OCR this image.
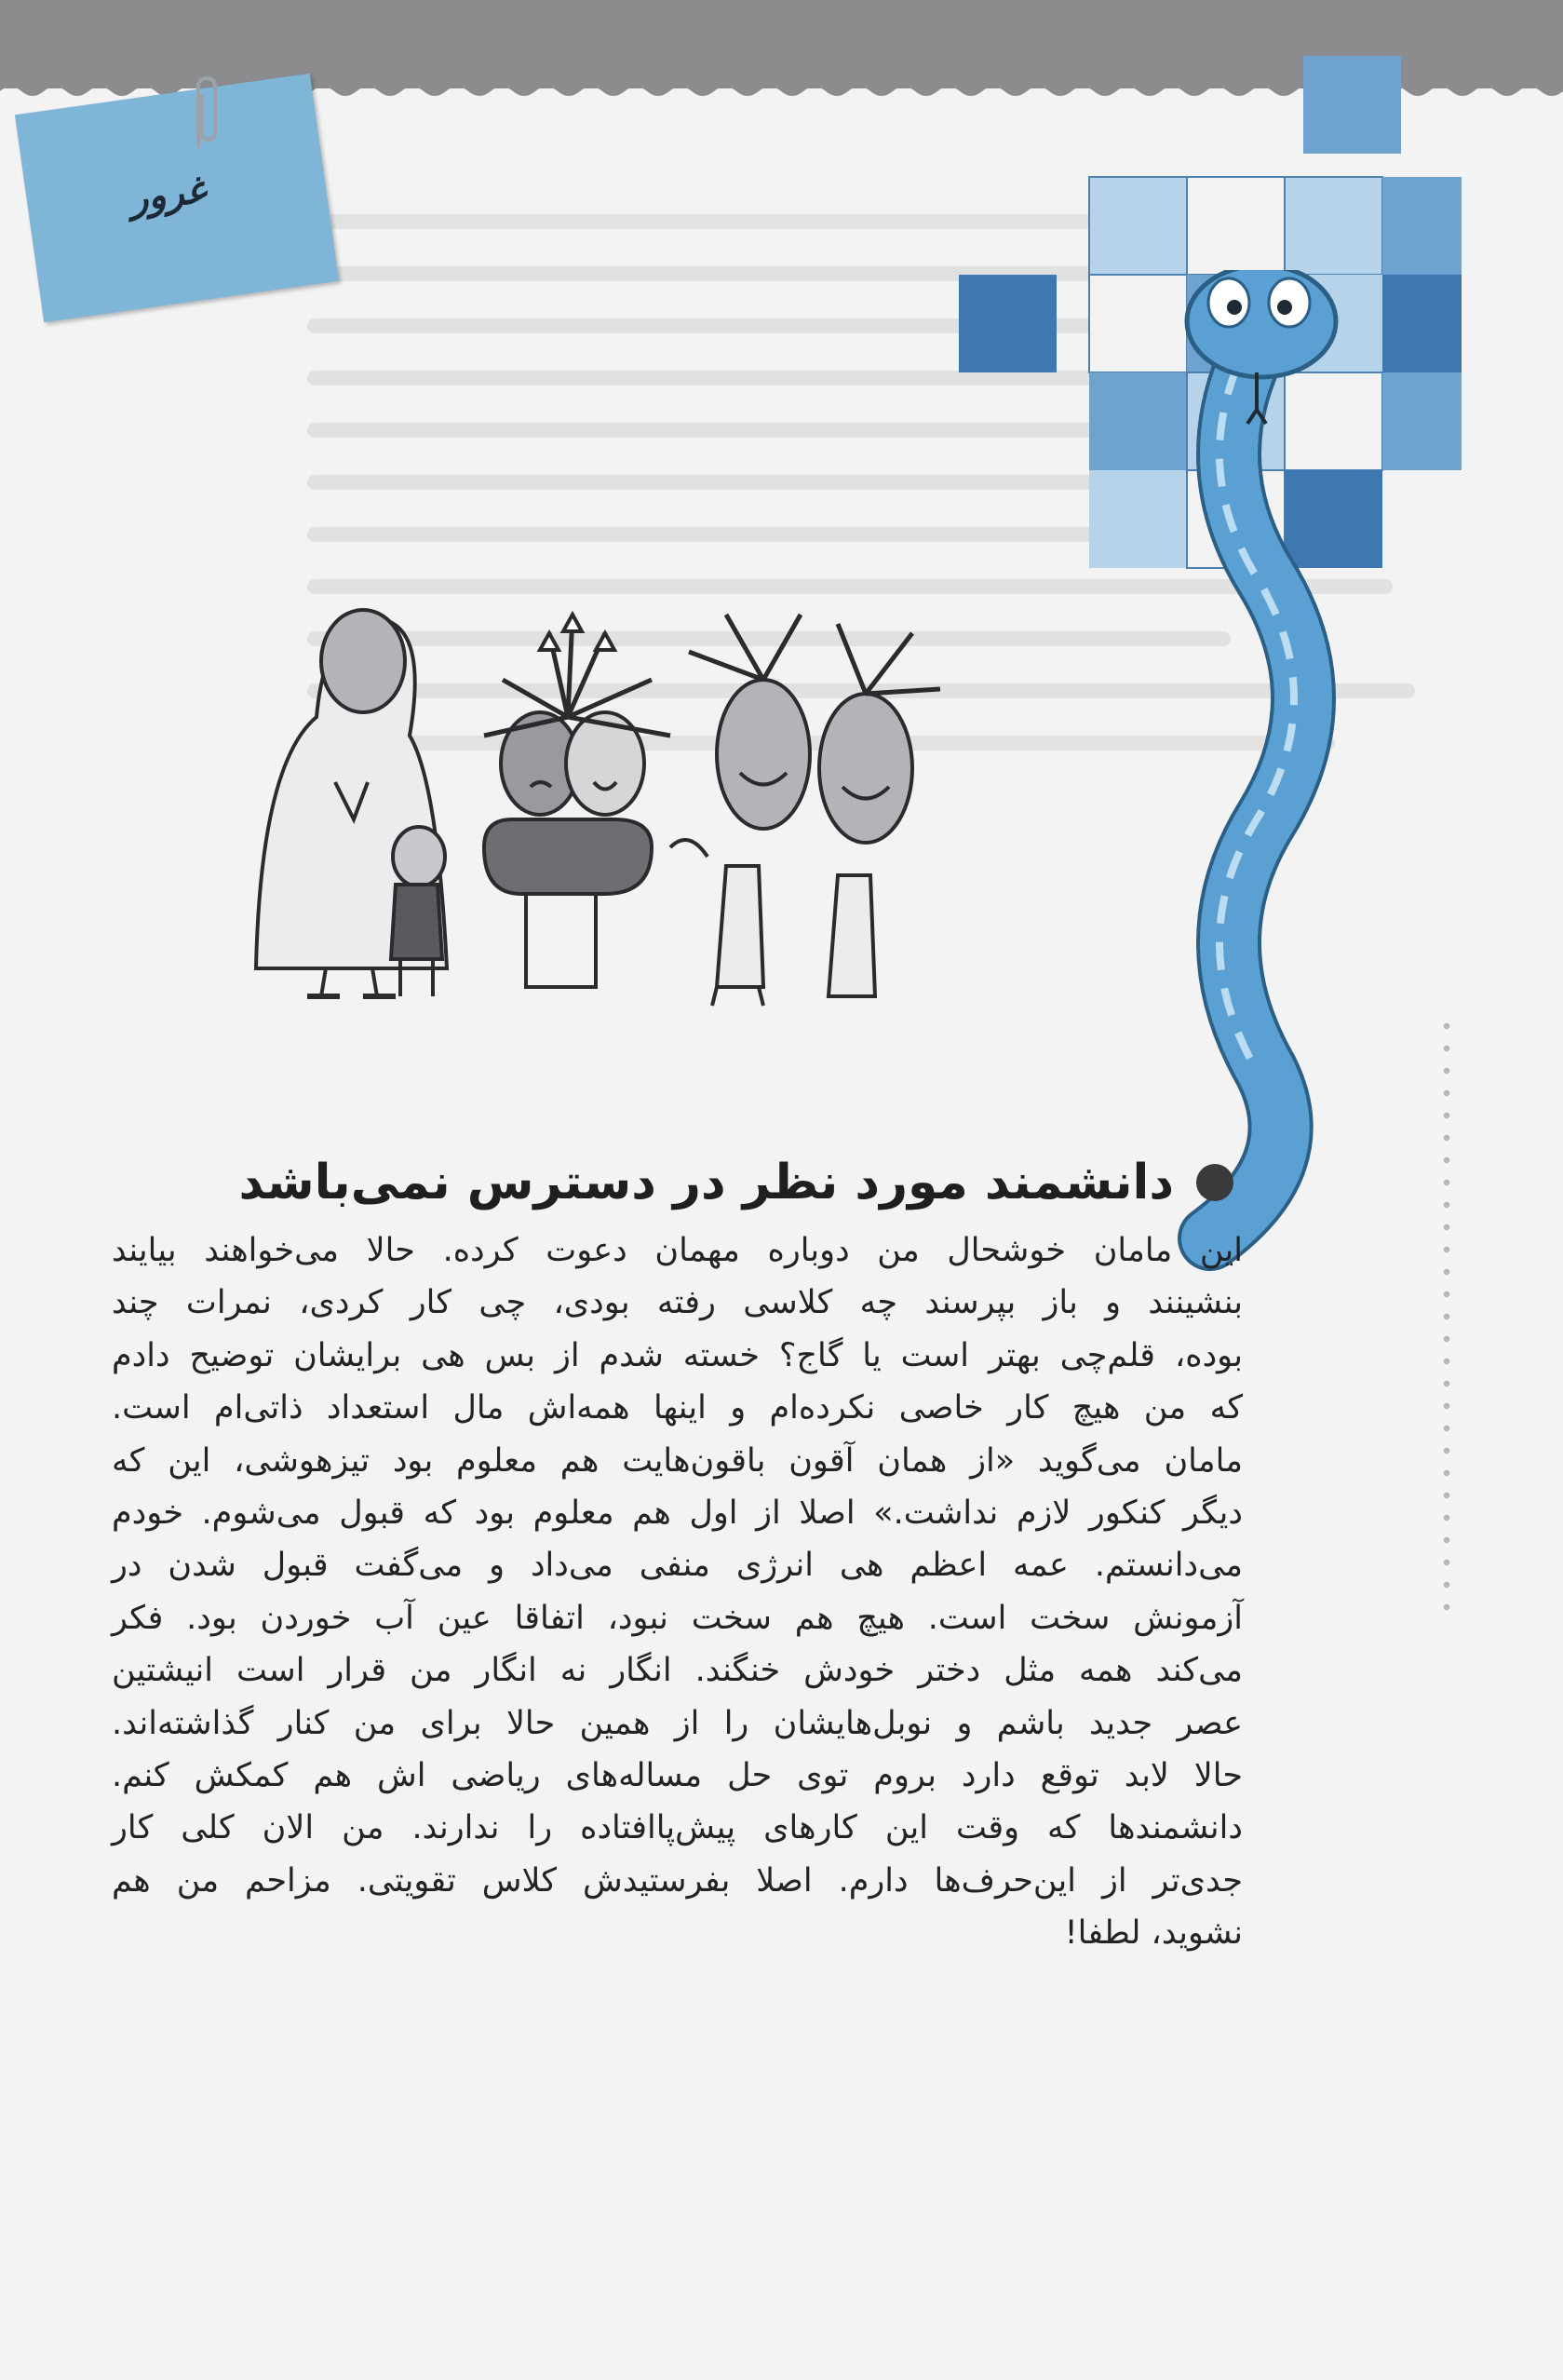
غرور
دانشمند مورد نظر در دسترس نمی‌باشد
این مامان خوشحال من دوباره مهمان دعوت کرده. حالا می‌خواهند بیایند
بنشینند و باز بپرسند چه کلاسی رفته بودی، چی کار کردی، نمرات چند
بوده، قلم‌چی بهتر است یا گاج؟ خسته شدم از بس هی برایشان توضیح دادم
که من هیچ کار خاصی نکرده‌ام و اینها همه‌اش مال استعداد ذاتی‌ام است.
مامان می‌گوید «از همان آقون باقون‌هایت هم معلوم بود تیزهوشی، این که
دیگر کنکور لازم نداشت.» اصلا از اول هم معلوم بود که قبول می‌شوم. خودم
می‌دانستم. عمه اعظم هی انرژی منفی می‌داد و می‌گفت قبول شدن در
آزمونش سخت است. هیچ هم سخت نبود، اتفاقا عین آب خوردن بود. فکر
می‌کند همه مثل دختر خودش خنگند. انگار نه انگار من قرار است انیشتین
عصر جدید باشم و نوبل‌هایشان را از همین حالا برای من کنار گذاشته‌اند.
حالا لابد توقع دارد بروم توی حل مساله‌های ریاضی اش هم کمکش کنم.
دانشمندها که وقت این کارهای پیش‌پاافتاده را ندارند. من الان کلی کار
جدی‌تر از این‌حرف‌ها دارم. اصلا بفرستیدش کلاس تقویتی. مزاحم من هم
نشوید، لطفا!
